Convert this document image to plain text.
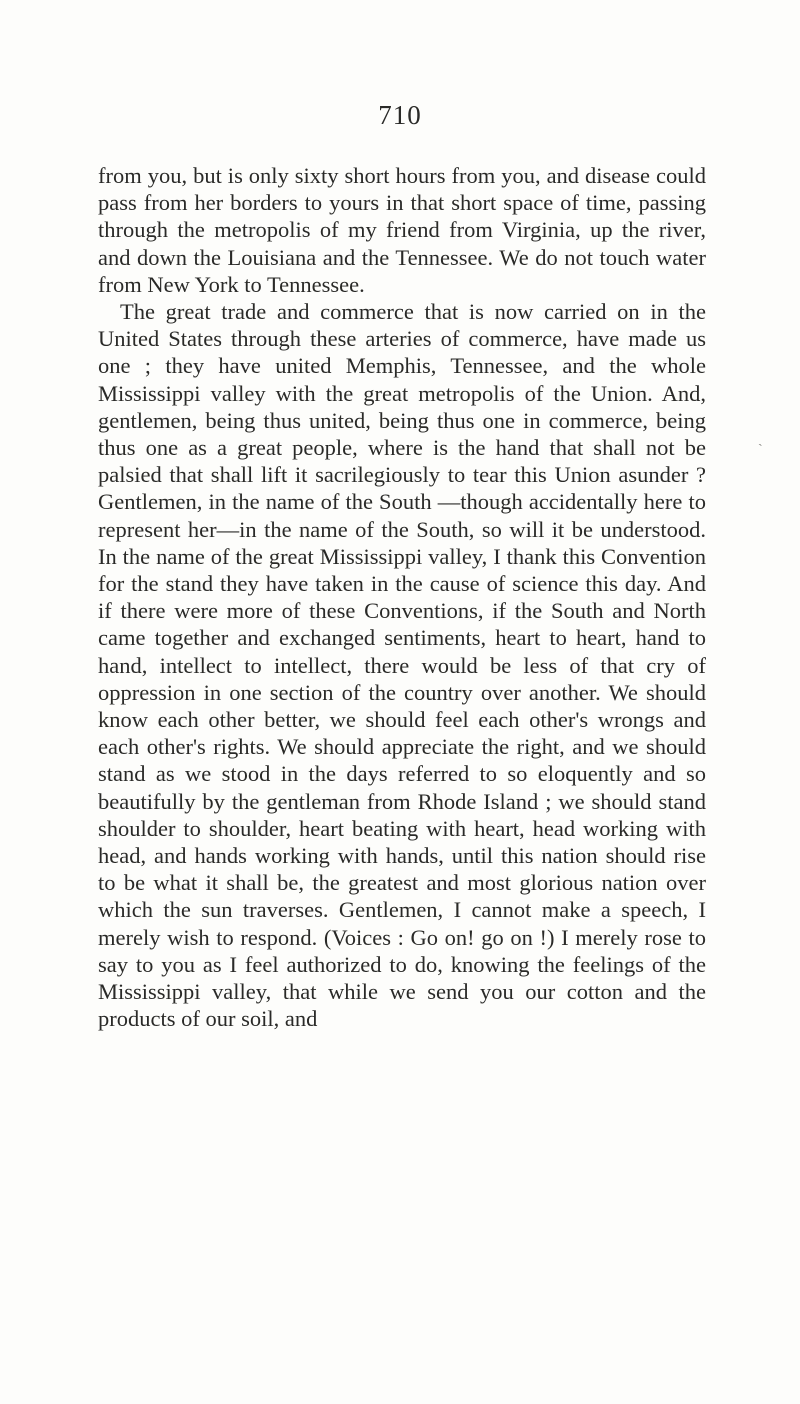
710

from you, but is only sixty short hours from you, and disease could pass from her borders to yours in that short space of time, passing through the metropolis of my friend from Virginia, up the river, and down the Louisiana and the Tennessee. We do not touch water from New York to Tennessee.

The great trade and commerce that is now carried on in the United States through these arteries of commerce, have made us one ; they have united Memphis, Tennessee, and the whole Mississippi valley with the great metropolis of the Union. And, gentlemen, being thus united, being thus one in commerce, being thus one as a great people, where is the hand that shall not be palsied that shall lift it sacrilegiously to tear this Union asunder ? Gentlemen, in the name of the South —though accidentally here to represent her—in the name of the South, so will it be understood. In the name of the great Mississippi valley, I thank this Convention for the stand they have taken in the cause of science this day. And if there were more of these Conventions, if the South and North came together and exchanged sentiments, heart to heart, hand to hand, intellect to intellect, there would be less of that cry of oppression in one section of the country over another. We should know each other better, we should feel each other's wrongs and each other's rights. We should appreciate the right, and we should stand as we stood in the days referred to so eloquently and so beautifully by the gentleman from Rhode Island ; we should stand shoulder to shoulder, heart beating with heart, head working with head, and hands working with hands, until this nation should rise to be what it shall be, the greatest and most glorious nation over which the sun traverses. Gentlemen, I cannot make a speech, I merely wish to respond. (Voices : Go on! go on !) I merely rose to say to you as I feel authorized to do, knowing the feelings of the Mississippi valley, that while we send you our cotton and the products of our soil, and

ˎ
